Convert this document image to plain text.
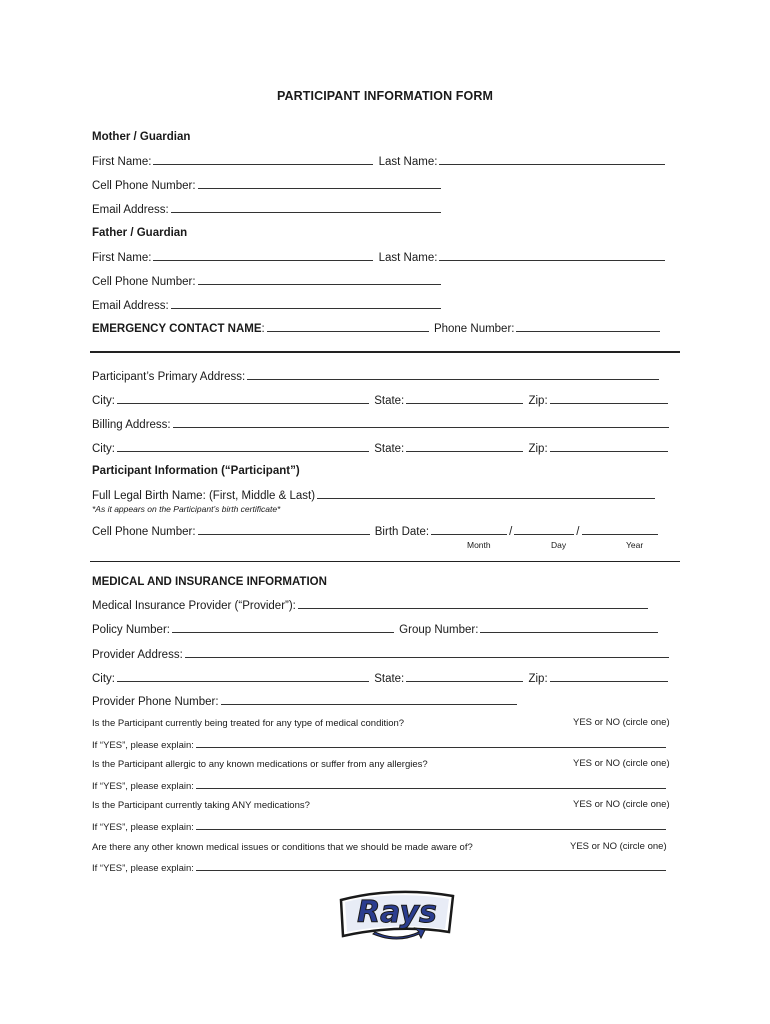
PARTICIPANT INFORMATION FORM
Mother / Guardian
First Name:	Last Name:
Cell Phone Number:
Email Address:
Father / Guardian
First Name:	Last Name:
Cell Phone Number:
Email Address:
EMERGENCY CONTACT NAME:	Phone Number:
Participant’s Primary Address:
City:	State:	Zip:
Billing Address:
City:	State:	Zip:
Participant Information (“Participant”)
Full Legal Birth Name: (First, Middle & Last)
*As it appears on the Participant’s birth certificate*
Cell Phone Number:	Birth Date:	/	/
Month	Day	Year
MEDICAL AND INSURANCE INFORMATION
Medical Insurance Provider (“Provider”):
Policy Number:	Group Number:
Provider Address:
City:	State:	Zip:
Provider Phone Number:
Is the Participant currently being treated for any type of medical condition?	YES or NO (circle one)
If “YES”, please explain:
Is the Participant allergic to any known medications or suffer from any allergies?	YES or NO (circle one)
If “YES”, please explain:
Is the Participant currently taking ANY medications?	YES or NO (circle one)
If “YES”, please explain:
Are there any other known medical issues or conditions that we should be made aware of?	YES or NO (circle one)
If “YES”, please explain:
Rays
